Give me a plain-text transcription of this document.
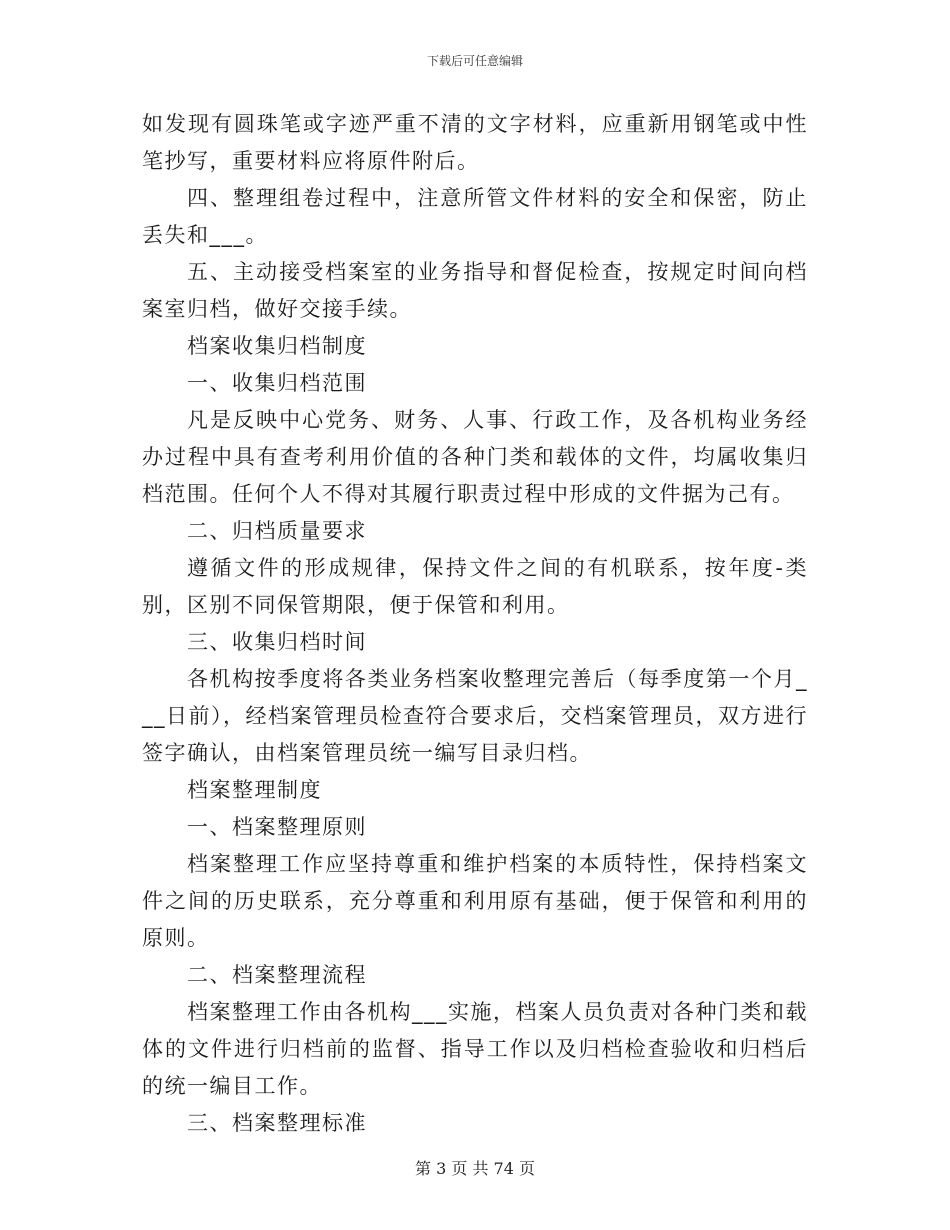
下载后可任意编辑

如发现有圆珠笔或字迹严重不清的文字材料，应重新用钢笔或中性笔抄写，重要材料应将原件附后。

四、整理组卷过程中，注意所管文件材料的安全和保密，防止丢失和___。

五、主动接受档案室的业务指导和督促检查，按规定时间向档案室归档，做好交接手续。

档案收集归档制度

一、收集归档范围

凡是反映中心党务、财务、人事、行政工作，及各机构业务经办过程中具有查考利用价值的各种门类和载体的文件，均属收集归档范围。任何个人不得对其履行职责过程中形成的文件据为己有。

二、归档质量要求

遵循文件的形成规律，保持文件之间的有机联系，按年度-类别，区别不同保管期限，便于保管和利用。

三、收集归档时间

各机构按季度将各类业务档案收整理完善后（每季度第一个月___日前），经档案管理员检查符合要求后，交档案管理员，双方进行签字确认，由档案管理员统一编写目录归档。

档案整理制度

一、档案整理原则

档案整理工作应坚持尊重和维护档案的本质特性，保持档案文件之间的历史联系，充分尊重和利用原有基础，便于保管和利用的原则。

二、档案整理流程

档案整理工作由各机构___实施，档案人员负责对各种门类和载体的文件进行归档前的监督、指导工作以及归档检查验收和归档后的统一编目工作。

三、档案整理标准

第 3 页 共 74 页
